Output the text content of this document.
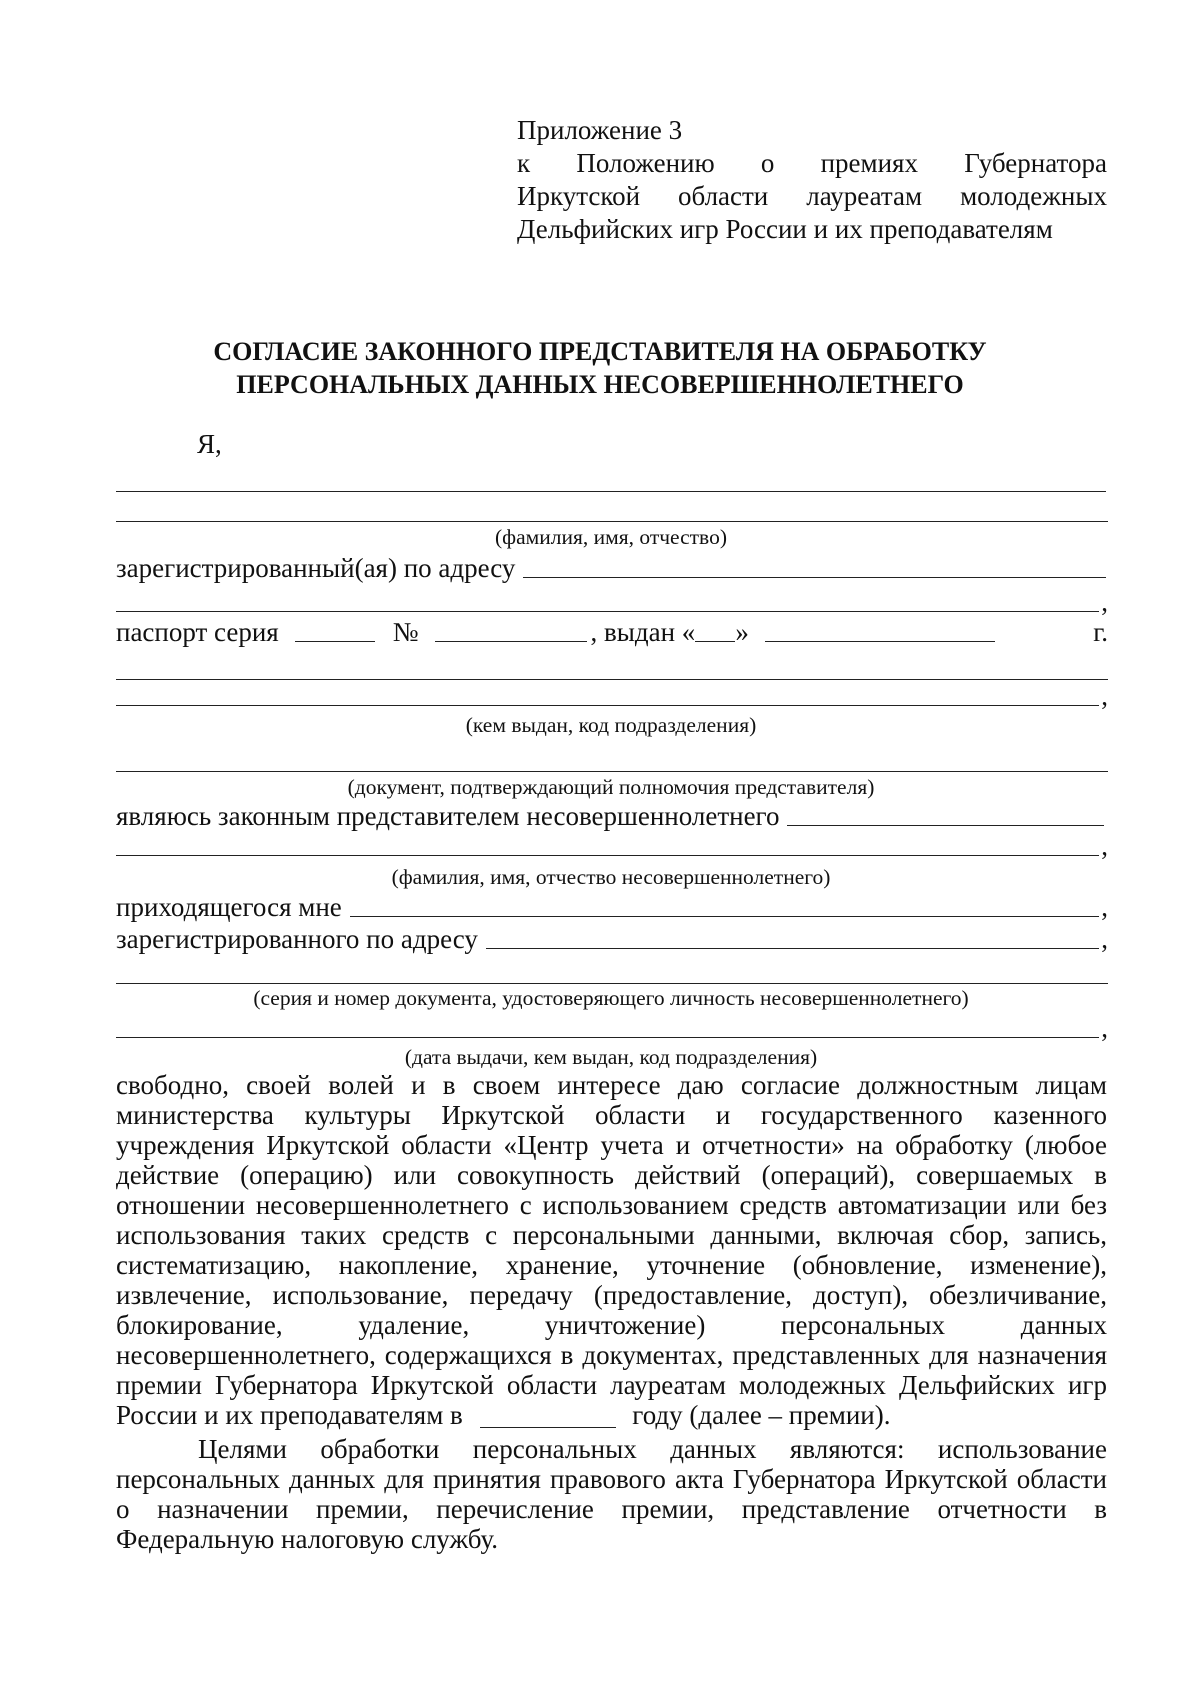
Приложение 3
к Положению о премиях Губернатора
Иркутской области лауреатам молодежных
Дельфийских игр России и их преподавателям
СОГЛАСИЕ ЗАКОННОГО ПРЕДСТАВИТЕЛЯ НА ОБРАБОТКУ
ПЕРСОНАЛЬНЫХ ДАННЫХ НЕСОВЕРШЕННОЛЕТНЕГО
Я,
(фамилия, имя, отчество)
зарегистрированный(ая) по адресу
,
паспорт серия	№	, выдан « »	г.
,
(кем выдан, код подразделения)
(документ, подтверждающий полномочия представителя)
являюсь законным представителем несовершеннолетнего
,
(фамилия, имя, отчество несовершеннолетнего)
приходящегося мне	,
зарегистрированного по адресу	,
(серия и номер документа, удостоверяющего личность несовершеннолетнего)
,
(дата выдачи, кем выдан, код подразделения)
свободно, своей волей и в своем интересе даю согласие должностным лицам
министерства культуры Иркутской области и государственного казенного
учреждения Иркутской области «Центр учета и отчетности» на обработку (любое
действие (операцию) или совокупность действий (операций), совершаемых в
отношении несовершеннолетнего с использованием средств автоматизации или без
использования таких средств с персональными данными, включая сбор, запись,
систематизацию, накопление, хранение, уточнение (обновление, изменение),
извлечение, использование, передачу (предоставление, доступ), обезличивание,
блокирование, удаление, уничтожение) персональных данных
несовершеннолетнего, содержащихся в документах, представленных для назначения
премии Губернатора Иркутской области лауреатам молодежных Дельфийских игр
России и их преподавателям в	году (далее – премии).
Целями обработки персональных данных являются: использование
персональных данных для принятия правового акта Губернатора Иркутской области
о назначении премии, перечисление премии, представление отчетности в
Федеральную налоговую службу.
